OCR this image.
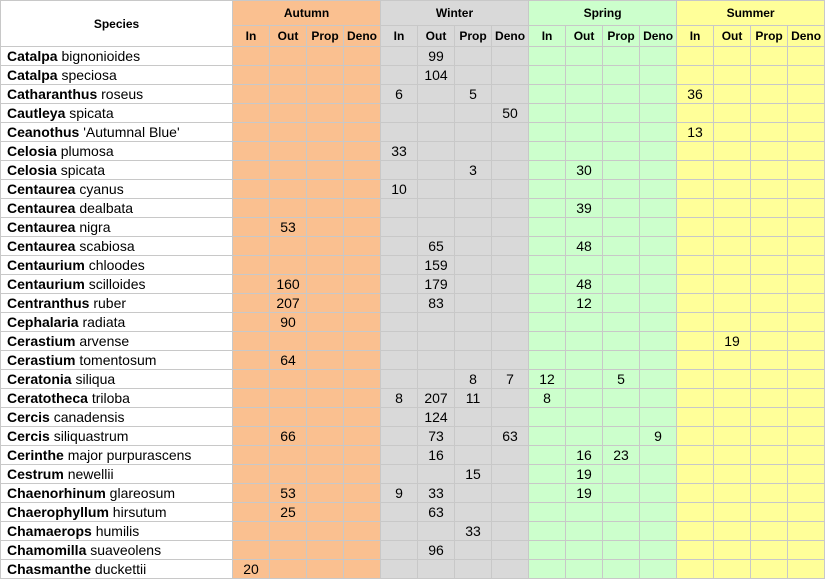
Species	Autumn				Winter				Spring				Summer			
	In	Out	Prop	Deno	In	Out	Prop	Deno	In	Out	Prop	Deno	In	Out	Prop	Deno
Catalpa bignonioides						99										
Catalpa speciosa						104										
Catharanthus roseus					6		5						36			
Cautleya spicata								50								
Ceanothus 'Autumnal Blue'													13			
Celosia plumosa					33											
Celosia spicata							3			30						
Centaurea cyanus					10											
Centaurea dealbata										39						
Centaurea nigra		53														
Centaurea scabiosa						65				48						
Centaurium chloodes						159										
Centaurium scilloides		160				179				48						
Centranthus ruber		207				83				12						
Cephalaria radiata		90														
Cerastium arvense														19		
Cerastium tomentosum		64														
Ceratonia siliqua							8	7	12		5					
Ceratotheca triloba					8	207	11		8							
Cercis canadensis						124										
Cercis siliquastrum		66				73		63				9				
Cerinthe major purpurascens						16				16	23					
Cestrum newellii							15			19						
Chaenorhinum glareosum		53			9	33				19						
Chaerophyllum hirsutum		25				63										
Chamaerops humilis							33									
Chamomilla suaveolens						96										
Chasmanthe duckettii	20															
